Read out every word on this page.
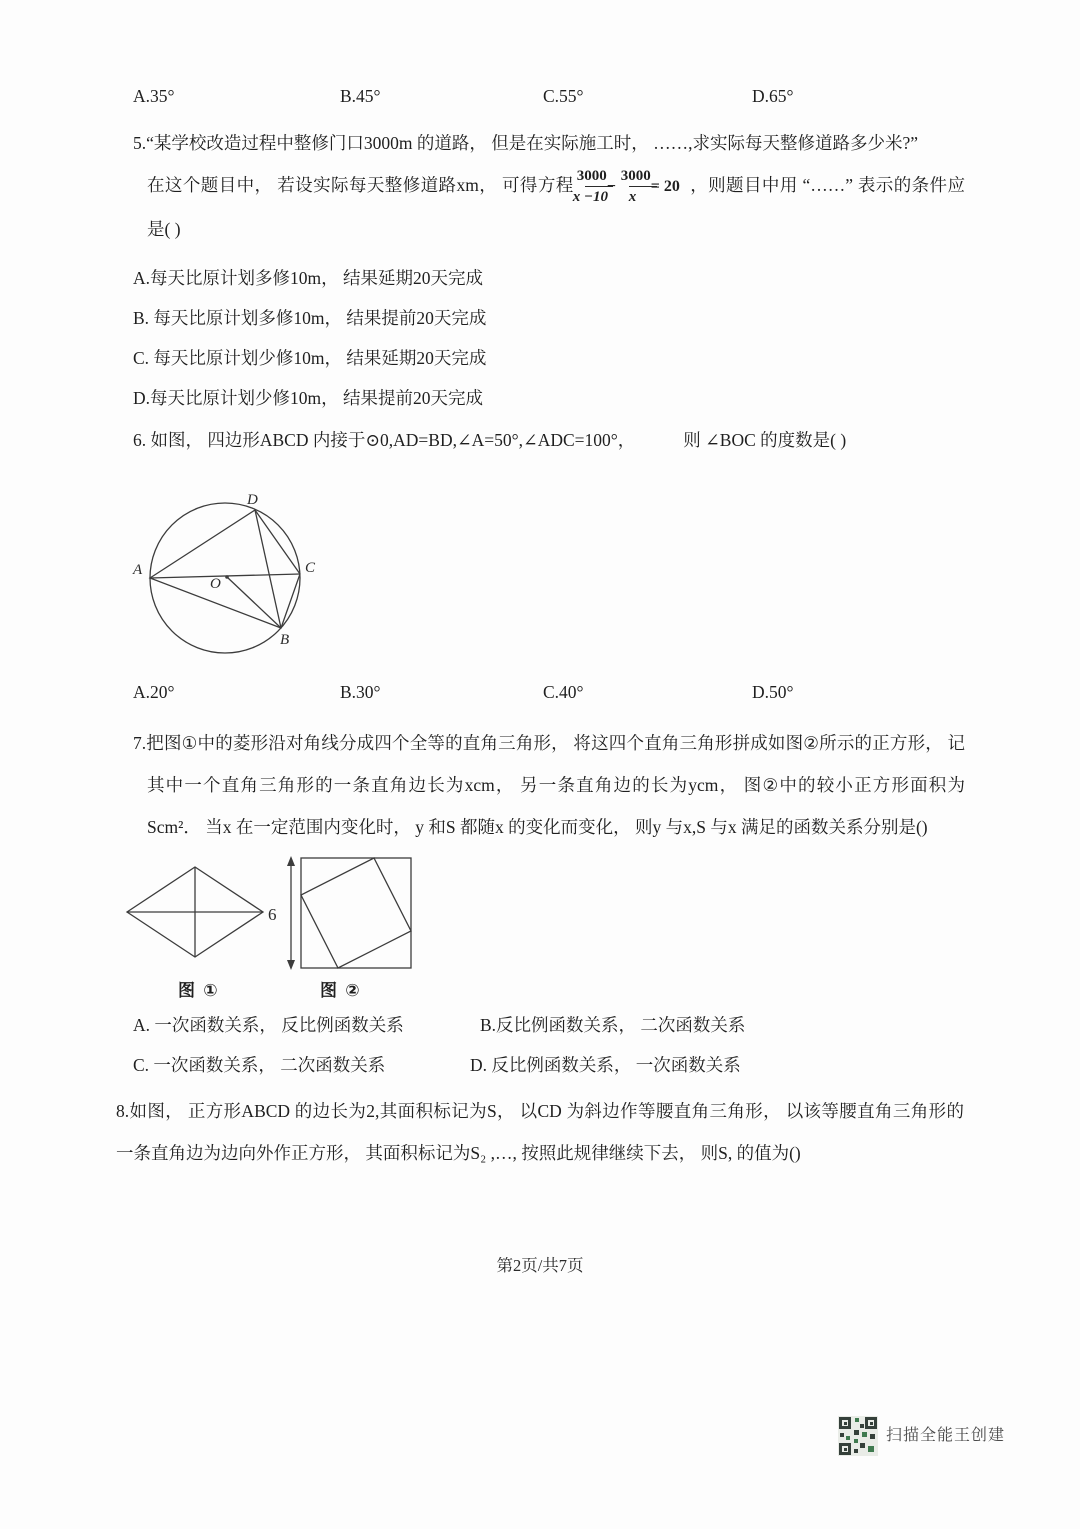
A.35°	B.45°	C.55°	D.65°
5.“某学校改造过程中整修门口3000m 的道路， 但是在实际施工时， ……,求实际每天整修道路多少米?”
在这个题目中， 若设实际每天整修道路xm， 可得方程 $\frac{3000}{x -10}$
− $\frac{3000}{x}$
= 20 ，则题目中用 “……” 表示的条件应是( )
A.每天比原计划多修10m， 结果延期20天完成
B. 每天比原计划多修10m， 结果提前20天完成
C. 每天比原计划少修10m， 结果延期20天完成
D.每天比原计划少修10m， 结果提前20天完成
6. 如图， 四边形ABCD 内接于⊙0,AD=BD,∠A=50°,∠ADC=100°，	则 ∠BOC 的度数是( )
A
D
C
B
O
A.20°	B.30°	C.40°	D.50°
7.把图①中的菱形沿对角线分成四个全等的直角三角形， 将这四个直角三角形拼成如图②所示的正方形， 记其中一个直角三角形的一条直角边长为xcm， 另一条直角边的长为ycm， 图②中的较小正方形面积为 Scm²． 当x 在一定范围内变化时， y 和S 都随x 的变化而变化， 则y 与x,S 与x 满足的函数关系分别是()
6
图 ①	图 ②
A. 一次函数关系， 反比例函数关系	B.反比例函数关系， 二次函数关系
C. 一次函数关系， 二次函数关系	D. 反比例函数关系， 一次函数关系
8.如图， 正方形ABCD 的边长为2,其面积标记为S， 以CD 为斜边作等腰直角三角形， 以该等腰直角三角形的一条直角边为边向外作正方形， 其面积标记为S₂ ,…, 按照此规律继续下去， 则S, 的值为()
第2页/共7页
扫描全能王创建
